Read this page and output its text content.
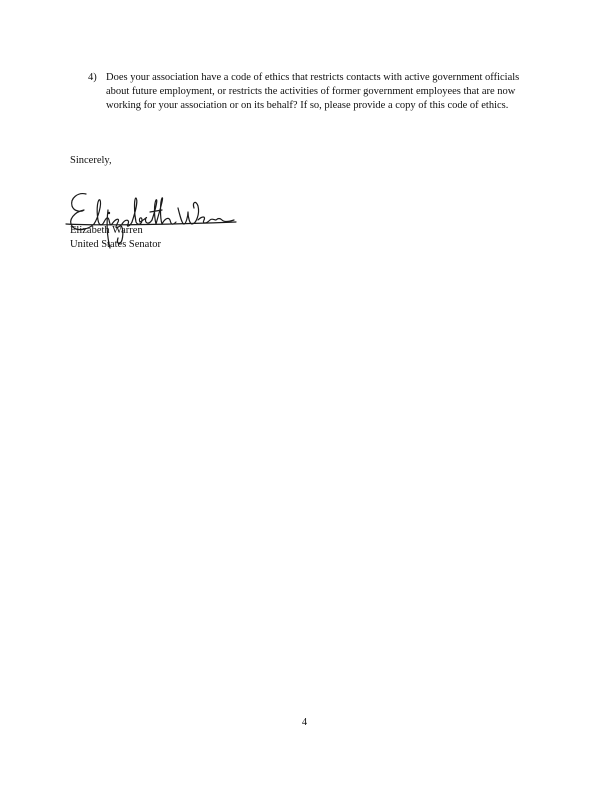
4) Does your association have a code of ethics that restricts contacts with active government officials about future employment, or restricts the activities of former government employees that are now working for your association or on its behalf? If so, please provide a copy of this code of ethics.
Sincerely,
Elizabeth Warren
United States Senator
4
